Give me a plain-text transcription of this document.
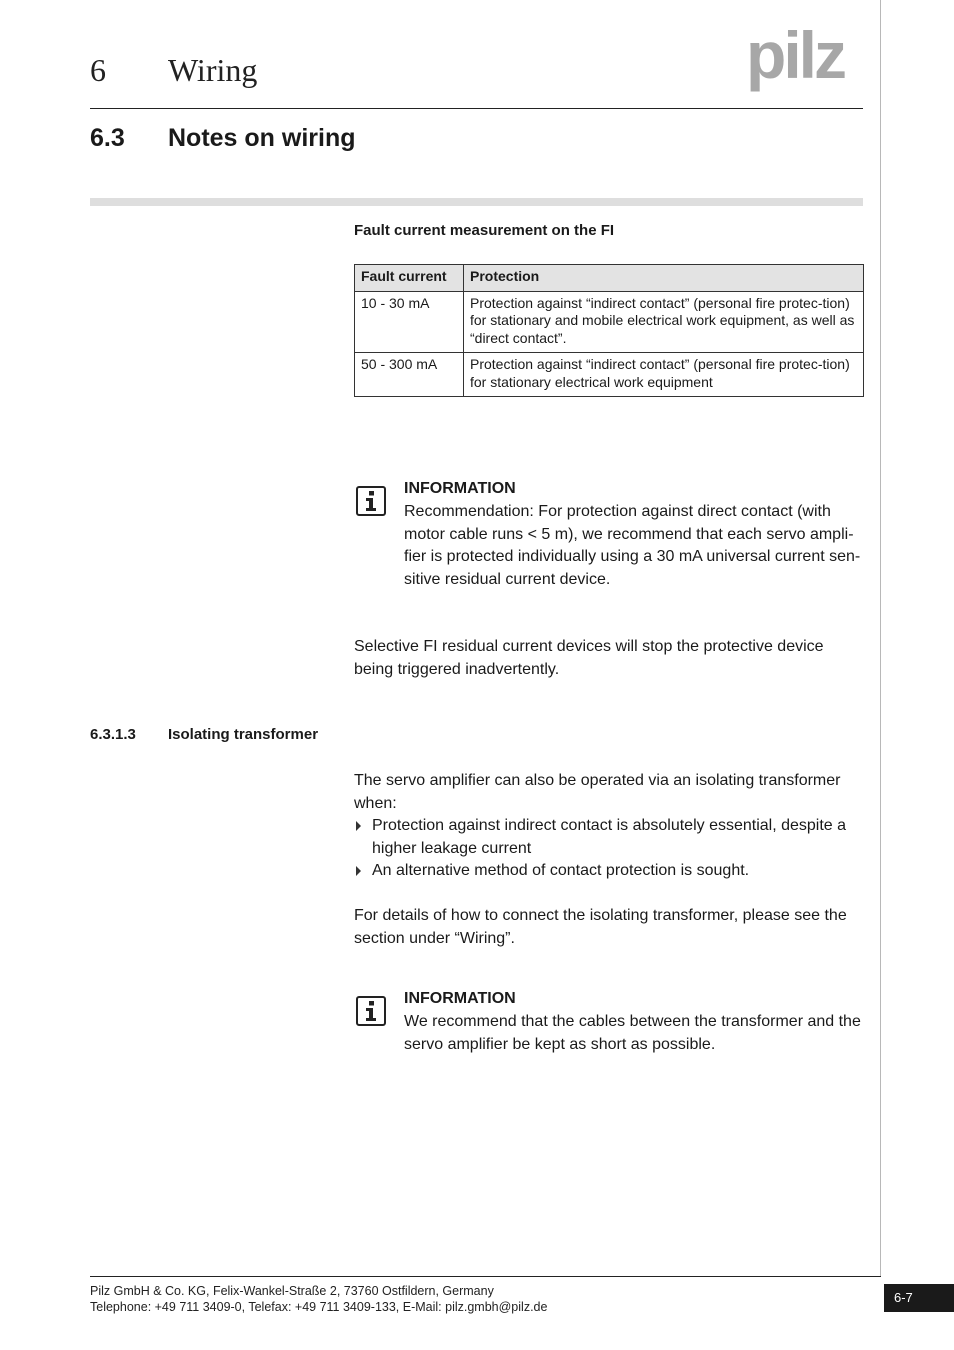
6 Wiring	pilz
6.3 Notes on wiring
Fault current measurement on the FI
Fault current	Protection
10 - 30 mA	Protection against “indirect contact” (personal fire protec-tion) for stationary and mobile electrical work equipment, as well as “direct contact”.
50 - 300 mA	Protection against “indirect contact” (personal fire protec-tion) for stationary electrical work equipment
INFORMATION
Recommendation: For protection against direct contact (with motor cable runs < 5 m), we recommend that each servo ampli-fier is protected individually using a 30 mA universal current sen-sitive residual current device.
Selective FI residual current devices will stop the protective device being triggered inadvertently.
6.3.1.3 Isolating transformer
The servo amplifier can also be operated via an isolating transformer when:
Protection against indirect contact is absolutely essential, despite a higher leakage current
An alternative method of contact protection is sought.
For details of how to connect the isolating transformer, please see the section under “Wiring”.
INFORMATION
We recommend that the cables between the transformer and the servo amplifier be kept as short as possible.
Pilz GmbH & Co. KG, Felix-Wankel-Straße 2, 73760 Ostfildern, Germany
Telephone: +49 711 3409-0, Telefax: +49 711 3409-133, E-Mail: pilz.gmbh@pilz.de
6-7
